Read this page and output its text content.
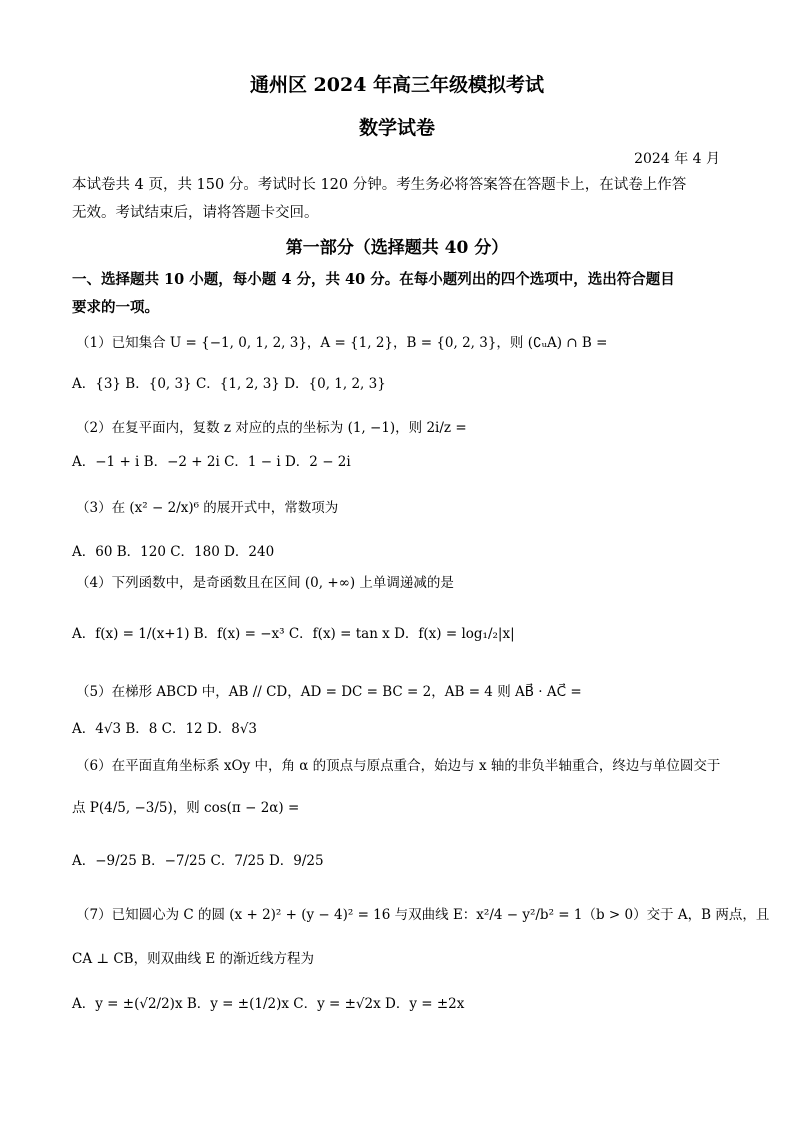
通州区 2024 年高三年级模拟考试
数学试卷
2024 年 4 月
本试卷共 4 页，共 150 分。考试时长 120 分钟。考生务必将答案答在答题卡上，在试卷上作答
无效。考试结束后，请将答题卡交回。
第一部分（选择题共 40 分）
一、选择题共 10 小题，每小题 4 分，共 40 分。在每小题列出的四个选项中，选出符合题目
要求的一项。
（1）已知集合 U = {−1, 0, 1, 2, 3}，A = {1, 2}，B = {0, 2, 3}，则 (∁ᵤA) ∩ B =
A．{3} B．{0, 3} C．{1, 2, 3} D．{0, 1, 2, 3}
（2）在复平面内，复数 z 对应的点的坐标为 (1, −1)，则 2i/z =
A．−1 + i B．−2 + 2i C．1 − i D．2 − 2i
（3）在 (x² − 2/x)⁶ 的展开式中，常数项为
A．60 B．120 C．180 D．240
（4）下列函数中，是奇函数且在区间 (0, +∞) 上单调递减的是
A．f(x) = 1/(x+1) B．f(x) = −x³ C．f(x) = tan x D．f(x) = log₁/₂|x|
（5）在梯形 ABCD 中，AB // CD，AD = DC = BC = 2，AB = 4 则 AB⃗ · AC⃗ =
A．4√3 B．8 C．12 D．8√3
（6）在平面直角坐标系 xOy 中，角 α 的顶点与原点重合，始边与 x 轴的非负半轴重合，终边与单位圆交于
点 P(4/5, −3/5)，则 cos(π − 2α) =
A．−9/25 B．−7/25 C．7/25 D．9/25
（7）已知圆心为 C 的圆 (x + 2)² + (y − 4)² = 16 与双曲线 E：x²/4 − y²/b² = 1（b > 0）交于 A，B 两点，且
CA ⊥ CB，则双曲线 E 的渐近线方程为
A．y = ±(√2/2)x B．y = ±(1/2)x C．y = ±√2x D．y = ±2x
